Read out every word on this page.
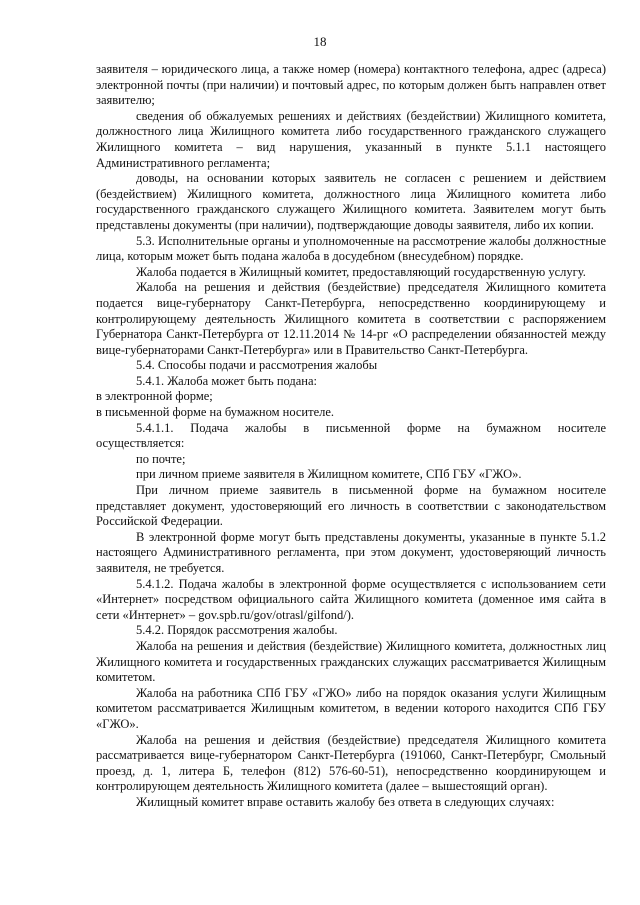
18

заявителя – юридического лица, а также номер (номера) контактного телефона, адрес (адреса) электронной почты (при наличии) и почтовый адрес, по которым должен быть направлен ответ заявителю;

сведения об обжалуемых решениях и действиях (бездействии) Жилищного комитета, должностного лица Жилищного комитета либо государственного гражданского служащего Жилищного комитета – вид нарушения, указанный в пункте 5.1.1 настоящего Административного регламента;

доводы, на основании которых заявитель не согласен с решением и действием (бездействием) Жилищного комитета, должностного лица Жилищного комитета либо государственного гражданского служащего Жилищного комитета. Заявителем могут быть представлены документы (при наличии), подтверждающие доводы заявителя, либо их копии.

5.3. Исполнительные органы и уполномоченные на рассмотрение жалобы должностные лица, которым может быть подана жалоба в досудебном (внесудебном) порядке.

Жалоба подается в Жилищный комитет, предоставляющий государственную услугу.

Жалоба на решения и действия (бездействие) председателя Жилищного комитета подается вице-губернатору Санкт-Петербурга, непосредственно координирующему и контролирующему деятельность Жилищного комитета в соответствии с распоряжением Губернатора Санкт-Петербурга от 12.11.2014 № 14-рг «О распределении обязанностей между вице-губернаторами Санкт-Петербурга» или в Правительство Санкт-Петербурга.

5.4. Способы подачи и рассмотрения жалобы

5.4.1. Жалоба может быть подана:

в электронной форме;

в письменной форме на бумажном носителе.

5.4.1.1. Подача жалобы в письменной форме на бумажном носителе

осуществляется:

по почте;

при личном приеме заявителя в Жилищном комитете, СПб ГБУ «ГЖО».

При личном приеме заявитель в письменной форме на бумажном носителе представляет документ, удостоверяющий его личность в соответствии с законодательством Российской Федерации.

В электронной форме могут быть представлены документы, указанные в пункте 5.1.2 настоящего Административного регламента, при этом документ, удостоверяющий личность заявителя, не требуется.

5.4.1.2. Подача жалобы в электронной форме осуществляется с использованием сети «Интернет» посредством официального сайта Жилищного комитета (доменное имя сайта в сети «Интернет» – gov.spb.ru/gov/otrasl/gilfond/).

5.4.2. Порядок рассмотрения жалобы.

Жалоба на решения и действия (бездействие) Жилищного комитета, должностных лиц Жилищного комитета и государственных гражданских служащих рассматривается Жилищным комитетом.

Жалоба на работника СПб ГБУ «ГЖО» либо на порядок оказания услуги Жилищным комитетом рассматривается Жилищным комитетом, в ведении которого находится СПб ГБУ «ГЖО».

Жалоба на решения и действия (бездействие) председателя Жилищного комитета рассматривается вице-губернатором Санкт-Петербурга (191060, Санкт-Петербург, Смольный проезд, д. 1, литера Б, телефон (812) 576-60-51), непосредственно координирующем и контролирующем деятельность Жилищного комитета (далее – вышестоящий орган).

Жилищный комитет вправе оставить жалобу без ответа в следующих случаях:
